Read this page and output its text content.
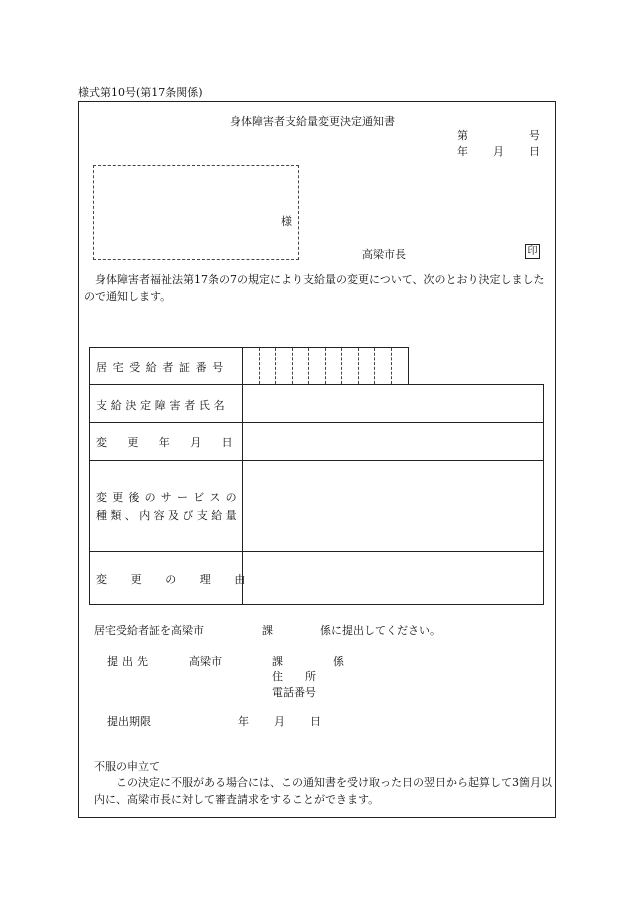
様式第10号(第17条関係)
身体障害者支給量変更決定通知書
第	号
年 月 日
様
高梁市長	印
身体障害者福祉法第17条の7の規定により支給量の変更について、次のとおり決定しましたので通知します。
居宅受給者証番号
支給決定障害者氏名
変更年月日
変更後のサービスの
種類、内容及び支給量
変更の理由
居宅受給者証を高梁市	課	係に提出してください。
提出先	高梁市	課	係
住所
電話番号
提出期限	年 月 日
不服の申立て
この決定に不服がある場合には、この通知書を受け取った日の翌日から起算して3箇月以内に、高梁市長に対して審査請求をすることができます。
